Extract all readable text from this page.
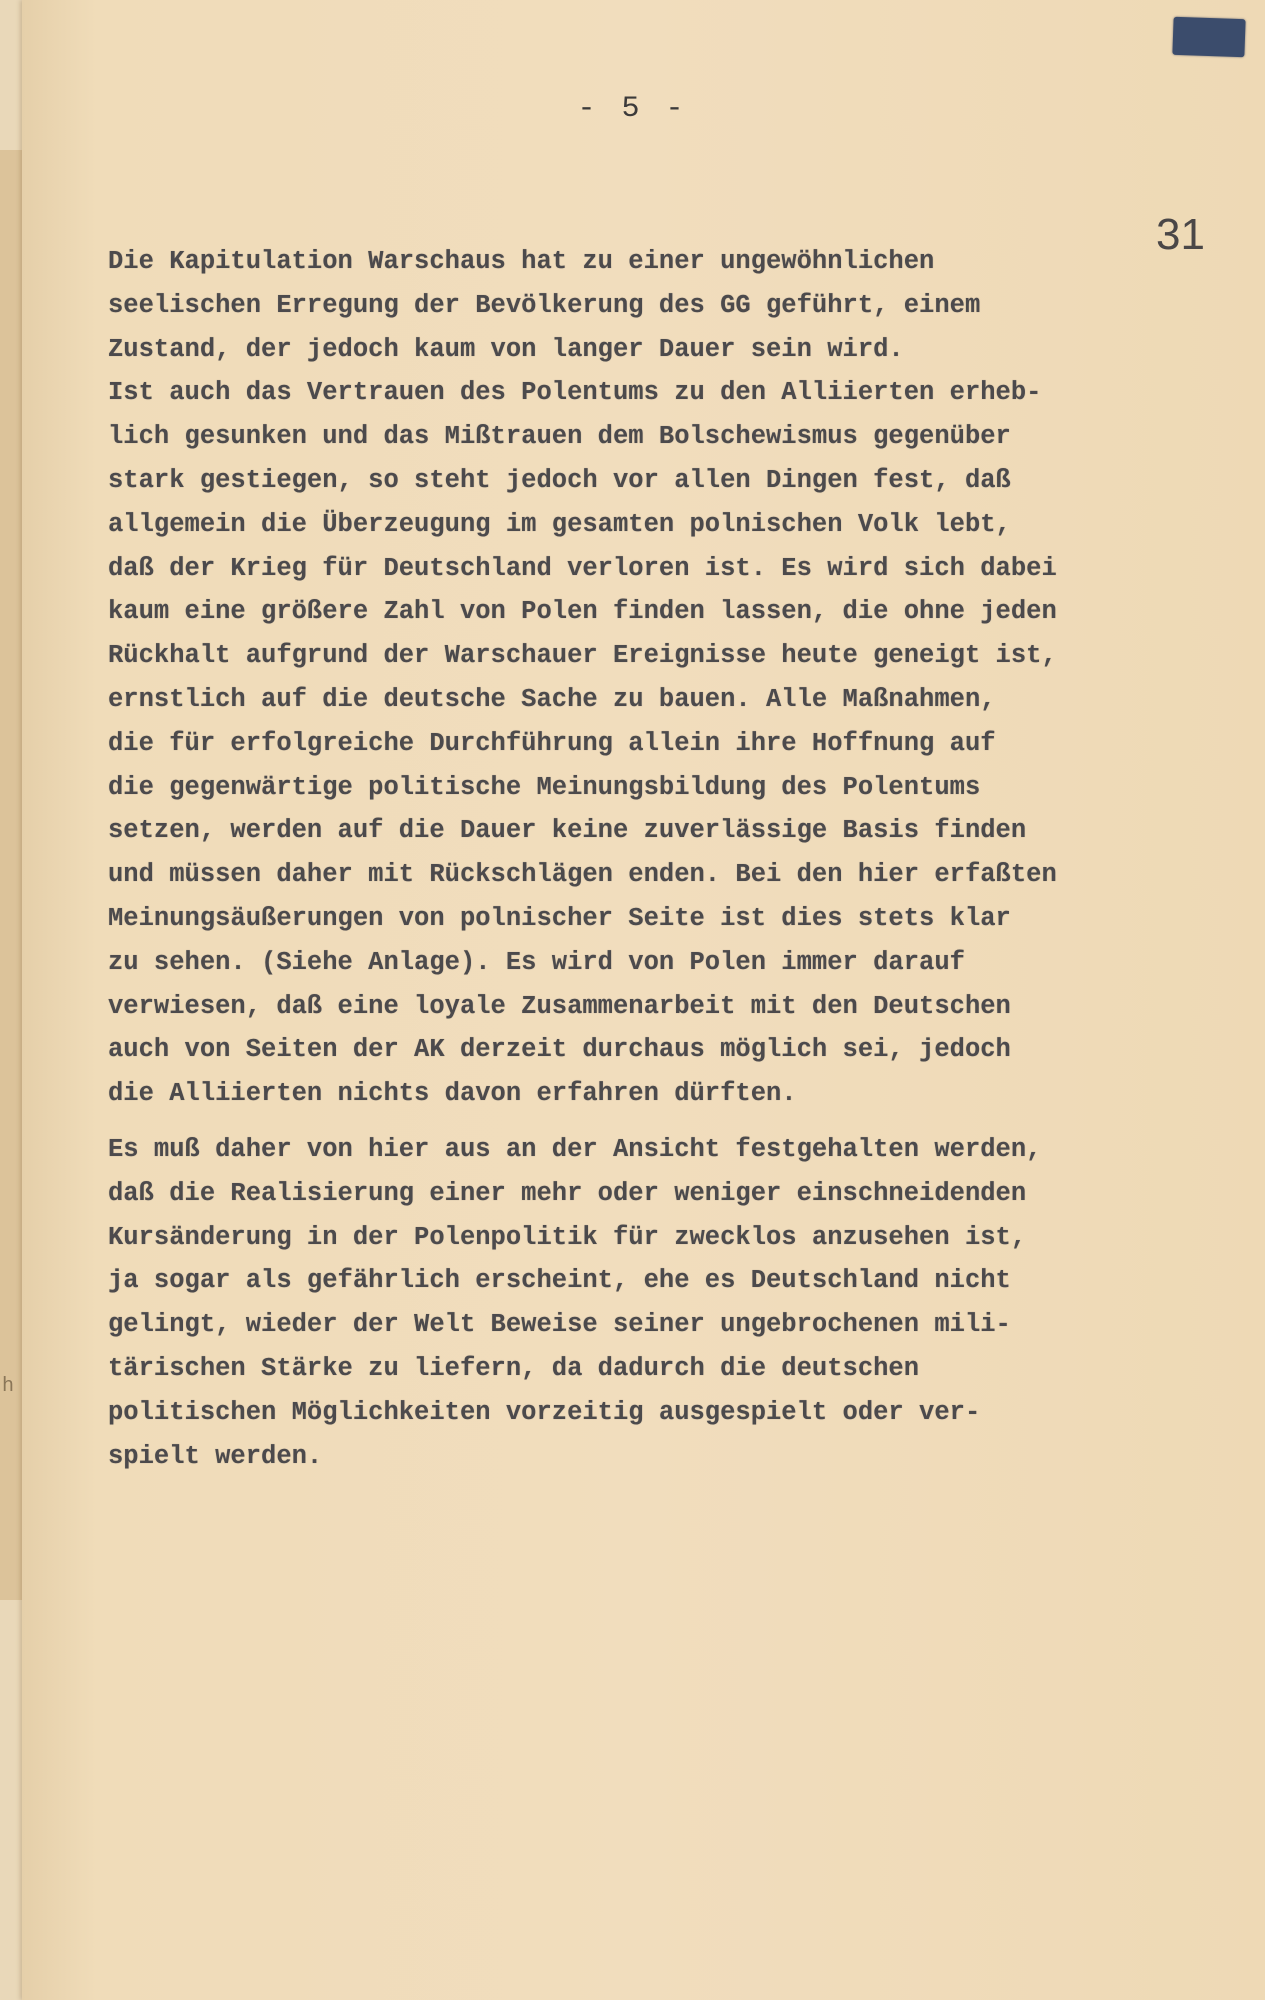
h
- 5 -
31
Die Kapitulation Warschaus hat zu einer ungewöhnlichen
seelischen Erregung der Bevölkerung des GG geführt, einem
Zustand, der jedoch kaum von langer Dauer sein wird.
Ist auch das Vertrauen des Polentums zu den Alliierten erheb-
lich gesunken und das Mißtrauen dem Bolschewismus gegenüber
stark gestiegen, so steht jedoch vor allen Dingen fest, daß
allgemein die Überzeugung im gesamten polnischen Volk lebt,
daß der Krieg für Deutschland verloren ist. Es wird sich dabei
kaum eine größere Zahl von Polen finden lassen, die ohne jeden
Rückhalt aufgrund der Warschauer Ereignisse heute geneigt ist,
ernstlich auf die deutsche Sache zu bauen. Alle Maßnahmen,
die für erfolgreiche Durchführung allein ihre Hoffnung auf
die gegenwärtige politische Meinungsbildung des Polentums
setzen, werden auf die Dauer keine zuverlässige Basis finden
und müssen daher mit Rückschlägen enden. Bei den hier erfaßten
Meinungsäußerungen von polnischer Seite ist dies stets klar
zu sehen. (Siehe Anlage). Es wird von Polen immer darauf
verwiesen, daß eine loyale Zusammenarbeit mit den Deutschen
auch von Seiten der AK derzeit durchaus möglich sei, jedoch
die Alliierten nichts davon erfahren dürften.
Es muß daher von hier aus an der Ansicht festgehalten werden,
daß die Realisierung einer mehr oder weniger einschneidenden
Kursänderung in der Polenpolitik für zwecklos anzusehen ist,
ja sogar als gefährlich erscheint, ehe es Deutschland nicht
gelingt, wieder der Welt Beweise seiner ungebrochenen mili-
tärischen Stärke zu liefern, da dadurch die deutschen
politischen Möglichkeiten vorzeitig ausgespielt oder ver-
spielt werden.
